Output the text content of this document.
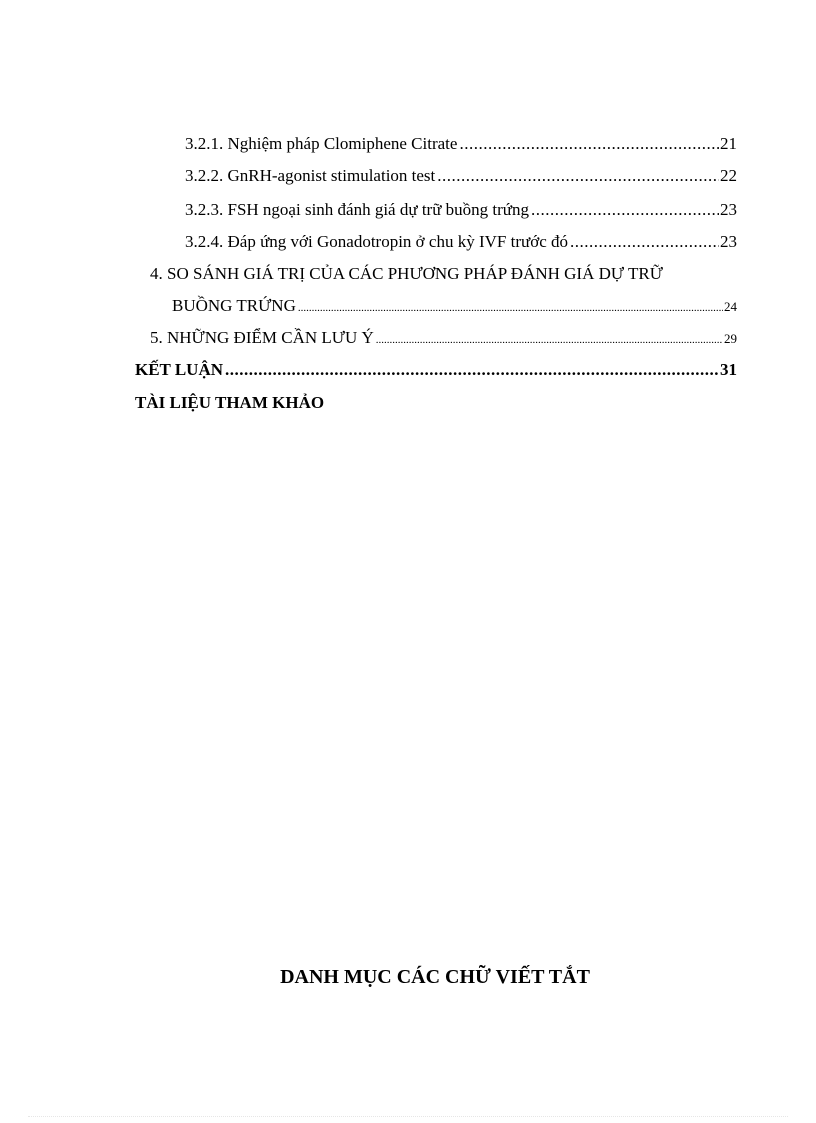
3.2.1. Nghiệm pháp Clomiphene Citrate .....	21
3.2.2. GnRH-agonist stimulation test .....	22
3.2.3. FSH ngoại sinh đánh giá dự trữ buồng trứng .....	23
3.2.4. Đáp ứng với Gonadotropin ở chu kỳ IVF trước đó .....	23
4. SO SÁNH GIÁ TRỊ CỦA CÁC PHƯƠNG PHÁP ĐÁNH GIÁ DỰ TRỮ
BUỒNG TRỨNG .....	24
5. NHỮNG ĐIỂM CẦN LƯU Ý .....	29
KẾT LUẬN .....	31
TÀI LIỆU THAM KHẢO
DANH MỤC CÁC CHỮ VIẾT TẮT
